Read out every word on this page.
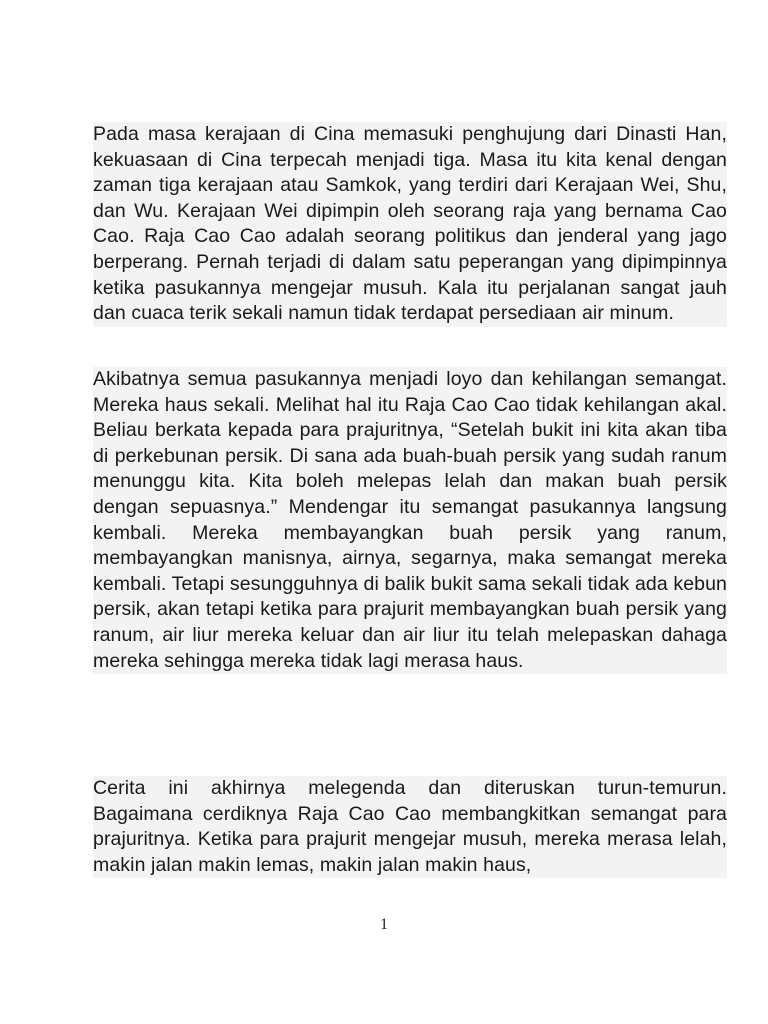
Pada masa kerajaan di Cina memasuki penghujung dari Dinasti Han, kekuasaan di Cina terpecah menjadi tiga. Masa itu kita kenal dengan zaman tiga kerajaan atau Samkok, yang terdiri dari Kerajaan Wei, Shu, dan Wu. Kerajaan Wei dipimpin oleh seorang raja yang bernama Cao Cao. Raja Cao Cao adalah seorang politikus dan jenderal yang jago berperang. Pernah terjadi di dalam satu peperangan yang dipimpinnya ketika pasukannya mengejar musuh. Kala itu perjalanan sangat jauh dan cuaca terik sekali namun tidak terdapat persediaan air minum.

Akibatnya semua pasukannya menjadi loyo dan kehilangan semangat. Mereka haus sekali. Melihat hal itu Raja Cao Cao tidak kehilangan akal. Beliau berkata kepada para prajuritnya, “Setelah bukit ini kita akan tiba di perkebunan persik. Di sana ada buah-buah persik yang sudah ranum menunggu kita. Kita boleh melepas lelah dan makan buah persik dengan sepuasnya.” Mendengar itu semangat pasukannya langsung kembali. Mereka membayangkan buah persik yang ranum, membayangkan manisnya, airnya, segarnya, maka semangat mereka kembali. Tetapi sesungguhnya di balik bukit sama sekali tidak ada kebun persik, akan tetapi ketika para prajurit membayangkan buah persik yang ranum, air liur mereka keluar dan air liur itu telah melepaskan dahaga mereka sehingga mereka tidak lagi merasa haus.

Cerita ini akhirnya melegenda dan diteruskan turun-temurun. Bagaimana cerdiknya Raja Cao Cao membangkitkan semangat para prajuritnya. Ketika para prajurit mengejar musuh, mereka merasa lelah, makin jalan makin lemas, makin jalan makin haus,

1
